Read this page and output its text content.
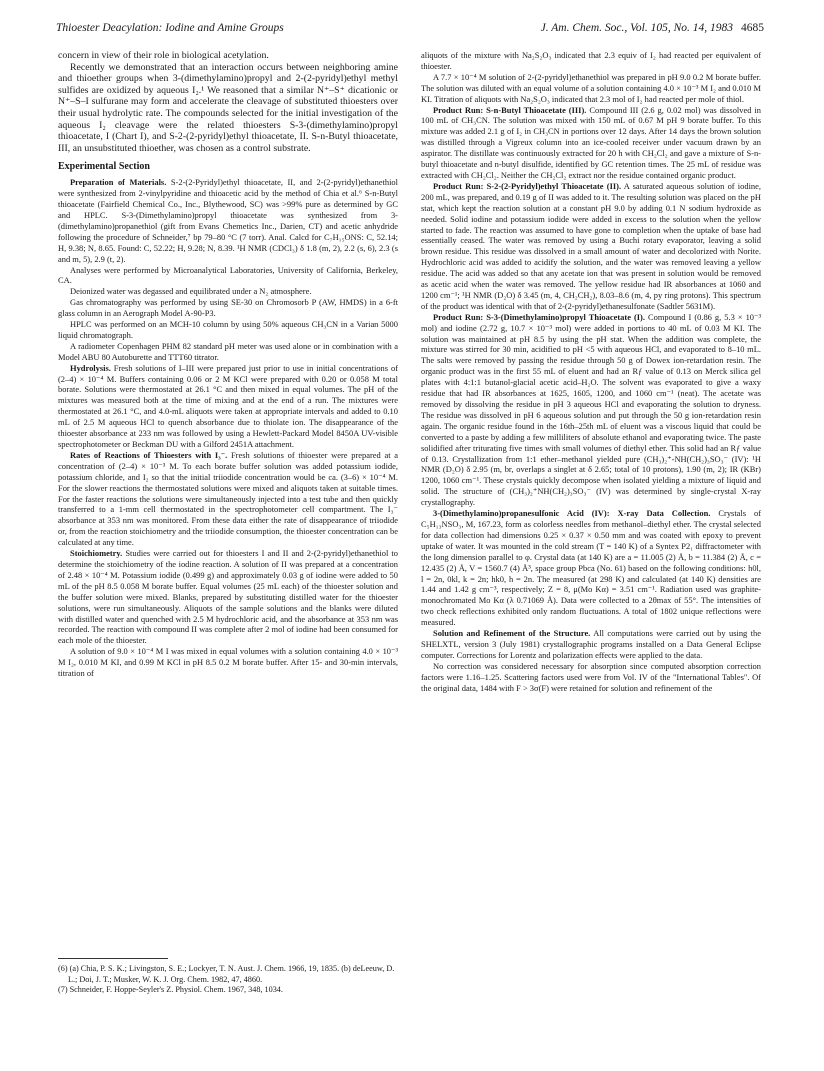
Thioester Deacylation: Iodine and Amine Groups	J. Am. Chem. Soc., Vol. 105, No. 14, 1983 4685

concern in view of their role in biological acetylation.

Recently we demonstrated that an interaction occurs between neighboring amine and thioether groups when 3-(dimethylamino)propyl and 2-(2-pyridyl)ethyl methyl sulfides are oxidized by aqueous I₂.¹ We reasoned that a similar N⁺–S⁺ dicationic or N⁺–S–I sulfurane may form and accelerate the cleavage of substituted thioesters over their usual hydrolytic rate. The compounds selected for the initial investigation of the aqueous I₂ cleavage were the related thioesters S-3-(dimethylamino)propyl thioacetate, I (Chart I), and S-2-(2-pyridyl)ethyl thioacetate, II. S-n-Butyl thioacetate, III, an unsubstituted thioether, was chosen as a control substrate.

Experimental Section

Preparation of Materials. S-2-(2-Pyridyl)ethyl thioacetate, II, and 2-(2-pyridyl)ethanethiol were synthesized from 2-vinylpyridine and thioacetic acid by the method of Chia et al.⁶ S-n-Butyl thioacetate (Fairfield Chemical Co., Inc., Blythewood, SC) was >99% pure as determined by GC and HPLC. S-3-(Dimethylamino)propyl thioacetate was synthesized from 3-(dimethylamino)propanethiol (gift from Evans Chemetics Inc., Darien, CT) and acetic anhydride following the procedure of Schneider,⁷ bp 79–80 °C (7 torr). Anal. Calcd for C₇H₁₅ONS: C, 52.14; H, 9.38; N, 8.65. Found: C, 52.22; H, 9.28; N, 8.39. ¹H NMR (CDCl₃) δ 1.8 (m, 2), 2.2 (s, 6), 2.3 (s and m, 5), 2.9 (t, 2).

Analyses were performed by Microanalytical Laboratories, University of California, Berkeley, CA.

Deionized water was degassed and equilibrated under a N₂ atmosphere.

Gas chromatography was performed by using SE-30 on Chromosorb P (AW, HMDS) in a 6-ft glass column in an Aerograph Model A-90-P3.

HPLC was performed on an MCH-10 column by using 50% aqueous CH₃CN in a Varian 5000 liquid chromatograph.

A radiometer Copenhagen PHM 82 standard pH meter was used alone or in combination with a Model ABU 80 Autoburette and TTT60 titrator.

Hydrolysis. Fresh solutions of I–III were prepared just prior to use in initial concentrations of (2–4) × 10⁻⁴ M. Buffers containing 0.06 or 2 M KCl were prepared with 0.20 or 0.058 M total borate. Solutions were thermostated at 26.1 °C and then mixed in equal volumes. The pH of the mixtures was measured both at the time of mixing and at the end of a run. The mixtures were thermostated at 26.1 °C, and 4.0-mL aliquots were taken at appropriate intervals and added to 0.10 mL of 2.5 M aqueous HCl to quench absorbance due to thiolate ion. The disappearance of the thioester absorbance at 233 nm was followed by using a Hewlett-Packard Model 8450A UV-visible spectrophotometer or Beckman DU with a Gilford 2451A attachment.

Rates of Reactions of Thioesters with I₃⁻. Fresh solutions of thioester were prepared at a concentration of (2–4) × 10⁻³ M. To each borate buffer solution was added potassium iodide, potassium chloride, and I₂ so that the initial triiodide concentration would be ca. (3–6) × 10⁻⁴ M. For the slower reactions the thermostated solutions were mixed and aliquots taken at suitable times. For the faster reactions the solutions were simultaneously injected into a test tube and then quickly transferred to a 1-mm cell thermostated in the spectrophotometer cell compartment. The I₃⁻ absorbance at 353 nm was monitored. From these data either the rate of disappearance of triiodide or, from the reaction stoichiometry and the triiodide consumption, the thioester concentration can be calculated at any time.

Stoichiometry. Studies were carried out for thioesters I and II and 2-(2-pyridyl)ethanethiol to determine the stoichiometry of the iodine reaction. A solution of II was prepared at a concentration of 2.48 × 10⁻⁴ M. Potassium iodide (0.499 g) and approximately 0.03 g of iodine were added to 50 mL of the pH 8.5 0.058 M borate buffer. Equal volumes (25 mL each) of the thioester solution and the buffer solution were mixed. Blanks, prepared by substituting distilled water for the thioester solutions, were run simultaneously. Aliquots of the sample solutions and the blanks were diluted with distilled water and quenched with 2.5 M hydrochloric acid, and the absorbance at 353 nm was recorded. The reaction with compound II was complete after 2 mol of iodine had been consumed for each mole of the thioester.

A solution of 9.0 × 10⁻⁴ M I was mixed in equal volumes with a solution containing 4.0 × 10⁻³ M I₂, 0.010 M KI, and 0.99 M KCl in pH 8.5 0.2 M borate buffer. After 15- and 30-min intervals, titration of

aliquots of the mixture with Na₂S₂O₃ indicated that 2.3 equiv of I₂ had reacted per equivalent of thioester.

A 7.7 × 10⁻⁴ M solution of 2-(2-pyridyl)ethanethiol was prepared in pH 9.0 0.2 M borate buffer. The solution was diluted with an equal volume of a solution containing 4.0 × 10⁻³ M I₂ and 0.010 M KI. Titration of aliquots with Na₂S₂O₃ indicated that 2.3 mol of I₂ had reacted per mole of thiol.

Product Run: S-n-Butyl Thioacetate (III). Compound III (2.6 g, 0.02 mol) was dissolved in 100 mL of CH₃CN. The solution was mixed with 150 mL of 0.67 M pH 9 borate buffer. To this mixture was added 2.1 g of I₂ in CH₃CN in portions over 12 days. After 14 days the brown solution was distilled through a Vigreux column into an ice-cooled receiver under vacuum drawn by an aspirator. The distillate was continuously extracted for 20 h with CH₂Cl₂ and gave a mixture of S-n-butyl thioacetate and n-butyl disulfide, identified by GC retention times. The 25 mL of residue was extracted with CH₂Cl₂. Neither the CH₂Cl₂ extract nor the residue contained organic product.

Product Run: S-2-(2-Pyridyl)ethyl Thioacetate (II). A saturated aqueous solution of iodine, 200 mL, was prepared, and 0.19 g of II was added to it. The resulting solution was placed on the pH stat, which kept the reaction solution at a constant pH 9.0 by adding 0.1 N sodium hydroxide as needed. Solid iodine and potassium iodide were added in excess to the solution when the yellow started to fade. The reaction was assumed to have gone to completion when the uptake of base had essentially ceased. The water was removed by using a Buchi rotary evaporator, leaving a solid brown residue. This residue was dissolved in a small amount of water and decolorized with Norite. Hydrochloric acid was added to acidify the solution, and the water was removed leaving a yellow residue. The acid was added so that any acetate ion that was present in solution would be removed as acetic acid when the water was removed. The yellow residue had IR absorbances at 1060 and 1200 cm⁻¹; ¹H NMR (D₂O) δ 3.45 (m, 4, CH₂CH₂), 8.03–8.6 (m, 4, py ring protons). This spectrum of the product was identical with that of 2-(2-pyridyl)ethanesulfonate (Sadtler 5631M).

Product Run: S-3-(Dimethylamino)propyl Thioacetate (I). Compound I (0.86 g, 5.3 × 10⁻³ mol) and iodine (2.72 g, 10.7 × 10⁻³ mol) were added in portions to 40 mL of 0.03 M KI. The solution was maintained at pH 8.5 by using the pH stat. When the addition was complete, the mixture was stirred for 30 min, acidified to pH <5 with aqueous HCl, and evaporated to 8–10 mL. The salts were removed by passing the residue through 50 g of Dowex ion-retardation resin. The organic product was in the first 55 mL of eluent and had an Rƒ value of 0.13 on Merck silica gel plates with 4:1:1 butanol-glacial acetic acid–H₂O. The solvent was evaporated to give a waxy residue that had IR absorbances at 1625, 1605, 1200, and 1060 cm⁻¹ (neat). The acetate was removed by dissolving the residue in pH 3 aqueous HCl and evaporating the solution to dryness. The residue was dissolved in pH 6 aqueous solution and put through the 50 g ion-retardation resin again. The organic residue found in the 16th–25th mL of eluent was a viscous liquid that could be converted to a paste by adding a few milliliters of absolute ethanol and evaporating twice. The paste solidified after triturating five times with small volumes of diethyl ether. This solid had an Rƒ value of 0.13. Crystallization from 1:1 ether–methanol yielded pure (CH₃)₂⁺-NH(CH₂)₃SO₃⁻ (IV): ¹H NMR (D₂O) δ 2.95 (m, br, overlaps a singlet at δ 2.65; total of 10 protons), 1.90 (m, 2); IR (KBr) 1200, 1060 cm⁻¹. These crystals quickly decompose when isolated yielding a mixture of liquid and solid. The structure of (CH₃)₂⁺NH(CH₂)₃SO₃⁻ (IV) was determined by single-crystal X-ray crystallography.

3-(Dimethylamino)propanesulfonic Acid (IV): X-ray Data Collection. Crystals of C₅H₁₃NSO₃, M, 167.23, form as colorless needles from methanol–diethyl ether. The crystal selected for data collection had dimensions 0.25 × 0.37 × 0.50 mm and was coated with epoxy to prevent uptake of water. It was mounted in the cold stream (T = 140 K) of a Syntex P2₁ diffractometer with the long dimension parallel to φ. Crystal data (at 140 K) are a = 11.005 (2) Å, b = 11.384 (2) Å, c = 12.435 (2) Å, V = 1560.7 (4) Å³, space group Pbca (No. 61) based on the following conditions: h0l, l = 2n, 0kl, k = 2n; hk0, h = 2n. The measured (at 298 K) and calculated (at 140 K) densities are 1.44 and 1.42 g cm⁻³, respectively; Z = 8, μ(Mo Kα) = 3.51 cm⁻¹. Radiation used was graphite-monochromated Mo Kα (λ 0.71069 Å). Data were collected to a 2θmax of 55°. The intensities of two check reflections exhibited only random fluctuations. A total of 1802 unique reflections were measured.

Solution and Refinement of the Structure. All computations were carried out by using the SHELXTL, version 3 (July 1981) crystallographic programs installed on a Data General Eclipse computer. Corrections for Lorentz and polarization effects were applied to the data.

No correction was considered necessary for absorption since computed absorption correction factors were 1.16–1.25. Scattering factors used were from Vol. IV of the "International Tables". Of the original data, 1484 with F > 3σ(F) were retained for solution and refinement of the

(6) (a) Chia, P. S. K.; Livingston, S. E.; Lockyer, T. N. Aust. J. Chem. 1966, 19, 1835. (b) deLeeuw, D. L.; Doi, J. T.; Musker, W. K. J. Org. Chem. 1982, 47, 4860.

(7) Schneider, F. Hoppe-Seyler's Z. Physiol. Chem. 1967, 348, 1034.
